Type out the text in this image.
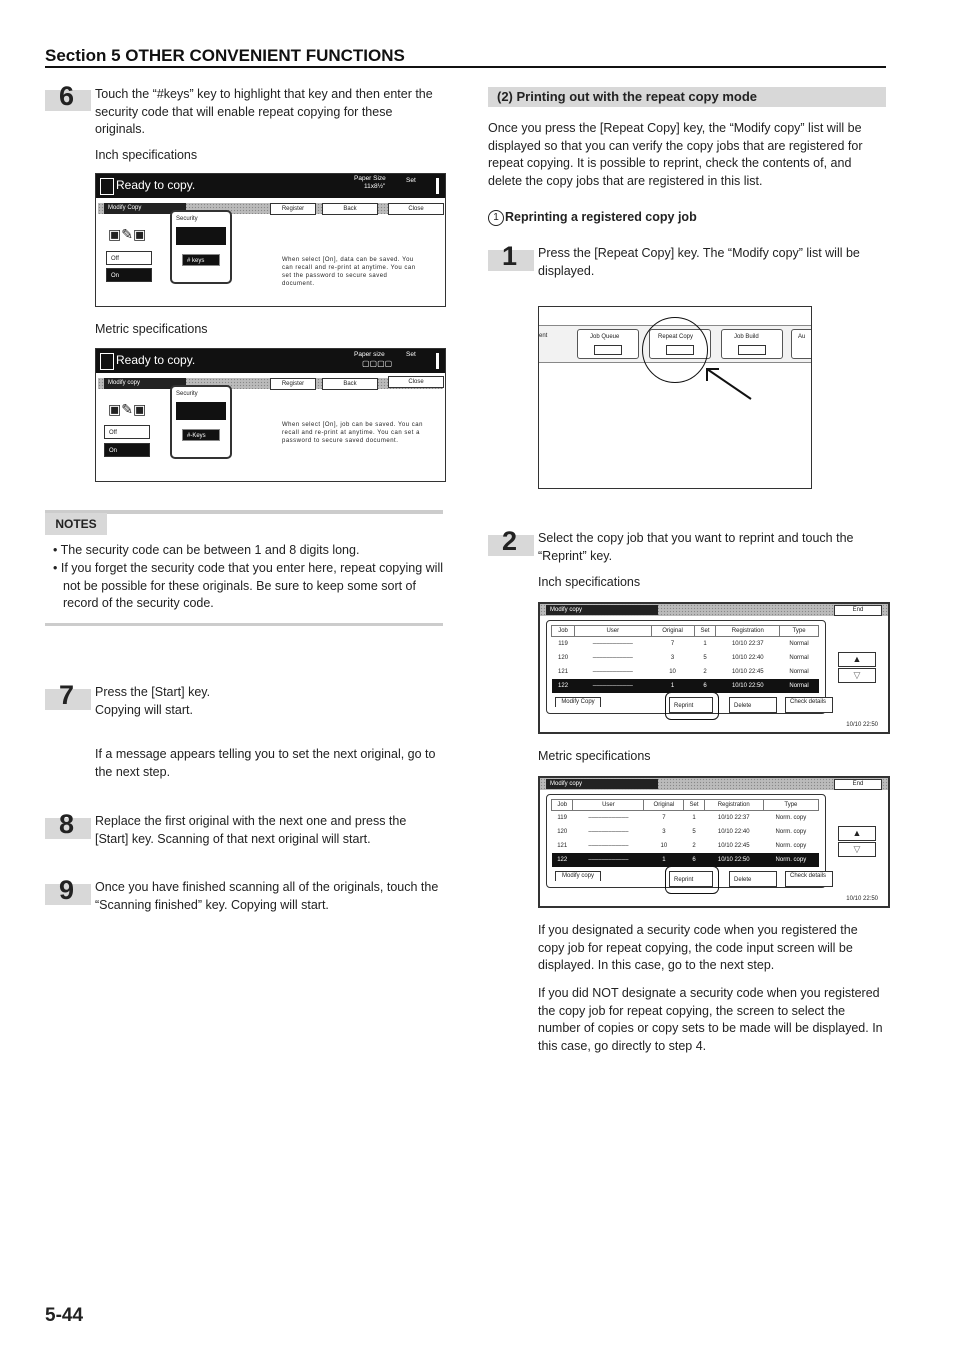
Section 5 OTHER CONVENIENT FUNCTIONS
6 Touch the “#keys” key to highlight that key and then enter the security code that will enable repeat copying for these originals.
Inch specifications
Ready to copy.	Paper Size	Set
11x8½"
Modify Copy	Register	Back	Close
▣✎▣
Off
On
Security
# keys	When select [On], data can be saved. You can recall and re-print at anytime. You can set the password to secure saved document.
Metric specifications
Ready to copy.	Paper size	Set
▢▢▢▢
Modify copy	Register	Back	Close
▣✎▣
Off
On
Security
#-Keys
When select [On], job can be saved. You can recall and re-print at anytime. You can set a password to secure saved document.
NOTES
• The security code can be between 1 and 8 digits long.
• If you forget the security code that you enter here, repeat copying will not be possible for these originals. Be sure to keep some sort of record of the security code.
7 Press the [Start] key.
Copying will start.
If a message appears telling you to set the next original, go to the next step.
8 Replace the first original with the next one and press the [Start] key. Scanning of that next original will start.
9 Once you have finished scanning all of the originals, touch the “Scanning finished” key. Copying will start.
(2) Printing out with the repeat copy mode
Once you press the [Repeat Copy] key, the “Modify copy” list will be displayed so that you can verify the copy jobs that are registered for repeat copying. It is possible to reprint, check the contents of, and delete the copy jobs that are registered in this list.
1 Reprinting a registered copy job
1 Press the [Repeat Copy] key. The “Modify copy” list will be displayed.
ent	Job Queue	Repeat Copy	Job Build	Au
2 Select the copy job that you want to reprint and touch the “Reprint” key.
Inch specifications
Modify copy	End
Job	User	Original	Set	Registration	Type
119	––––––––––––	7	1	10/10 22:37	Normal
120	––––––––––––	3	5	10/10 22:40	Normal
121	––––––––––––	10	2	10/10 22:45	Normal
122	––––––––––––	1	6	10/10 22:50	Normal
Reprint	Delete
Check details
Modify Copy
▲
▽
10/10 22:50
Metric specifications
Modify copy	End
Job	User	Original	Set	Registration	Type
119	––––––––––––	7	1	10/10 22:37	Norm. copy
120	––––––––––––	3	5	10/10 22:40	Norm. copy
121	––––––––––––	10	2	10/10 22:45	Norm. copy
122	––––––––––––	1	6	10/10 22:50	Norm. copy
Reprint	Delete
Check details
Modify copy
▲
▽
10/10 22:50
If you designated a security code when you registered the copy job for repeat copying, the code input screen will be displayed. In this case, go to the next step.
If you did NOT designate a security code when you registered the copy job for repeat copying, the screen to select the number of copies or copy sets to be made will be displayed. In this case, go directly to step 4.
5-44
